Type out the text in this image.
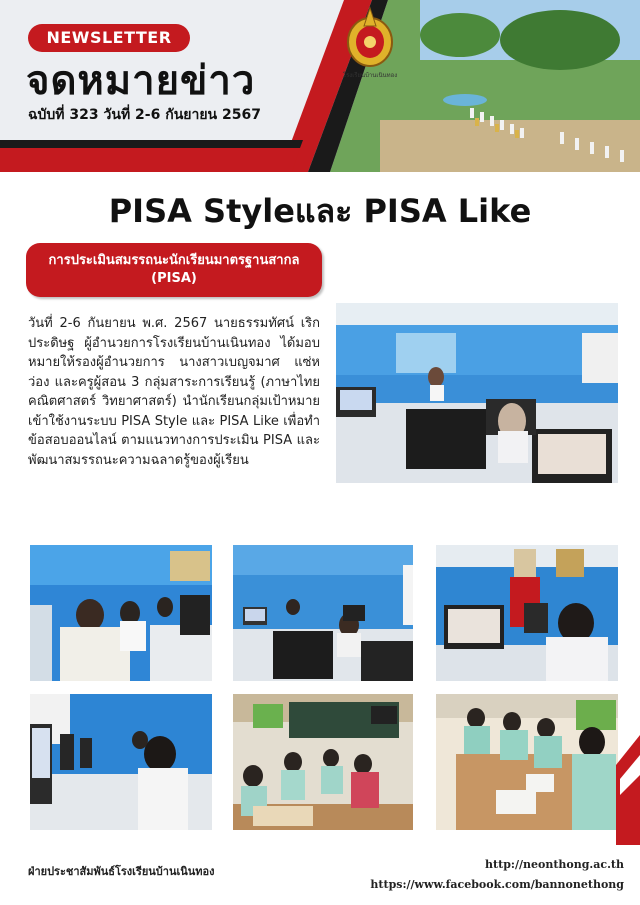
NEWSLETTER
จดหมายข่าว
ฉบับที่ 323 วันที่ 2-6 กันยายน 2567
โรงเรียนบ้านเนินทอง
PISA Styleและ PISA Like
การประเมินสมรรถนะนักเรียนมาตรฐานสากล (PISA)
วันที่ 2-6 กันยายน พ.ศ. 2567 นายธรรมทัศน์ เริกประดิษฐ ผู้อำนวยการโรงเรียนบ้านเนินทอง ได้มอบหมายให้รองผู้อำนวยการ นางสาวเบญจมาศ แซ่หว่อง และครูผู้สอน 3 กลุ่มสาระการเรียนรู้ (ภาษาไทย คณิตศาสตร์ วิทยาศาสตร์) นำนักเรียนกลุ่มเป้าหมายเข้าใช้งานระบบ PISA Style และ PISA Like เพื่อทำข้อสอบออนไลน์ ตามแนวทางการประเมิน PISA และพัฒนาสมรรถนะความฉลาดรู้ของผู้เรียน
ฝ่ายประชาสัมพันธ์โรงเรียนบ้านเนินทอง
http://neonthong.ac.th
https://www.facebook.com/bannonethong
